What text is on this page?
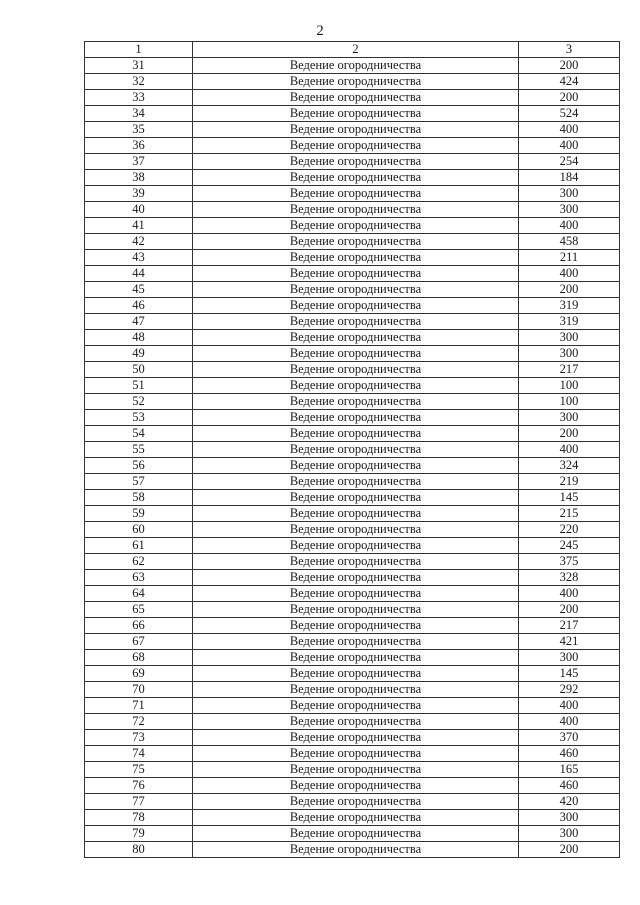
2
1	2	3
31	Ведение огородничества	200
32	Ведение огородничества	424
33	Ведение огородничества	200
34	Ведение огородничества	524
35	Ведение огородничества	400
36	Ведение огородничества	400
37	Ведение огородничества	254
38	Ведение огородничества	184
39	Ведение огородничества	300
40	Ведение огородничества	300
41	Ведение огородничества	400
42	Ведение огородничества	458
43	Ведение огородничества	211
44	Ведение огородничества	400
45	Ведение огородничества	200
46	Ведение огородничества	319
47	Ведение огородничества	319
48	Ведение огородничества	300
49	Ведение огородничества	300
50	Ведение огородничества	217
51	Ведение огородничества	100
52	Ведение огородничества	100
53	Ведение огородничества	300
54	Ведение огородничества	200
55	Ведение огородничества	400
56	Ведение огородничества	324
57	Ведение огородничества	219
58	Ведение огородничества	145
59	Ведение огородничества	215
60	Ведение огородничества	220
61	Ведение огородничества	245
62	Ведение огородничества	375
63	Ведение огородничества	328
64	Ведение огородничества	400
65	Ведение огородничества	200
66	Ведение огородничества	217
67	Ведение огородничества	421
68	Ведение огородничества	300
69	Ведение огородничества	145
70	Ведение огородничества	292
71	Ведение огородничества	400
72	Ведение огородничества	400
73	Ведение огородничества	370
74	Ведение огородничества	460
75	Ведение огородничества	165
76	Ведение огородничества	460
77	Ведение огородничества	420
78	Ведение огородничества	300
79	Ведение огородничества	300
80	Ведение огородничества	200
